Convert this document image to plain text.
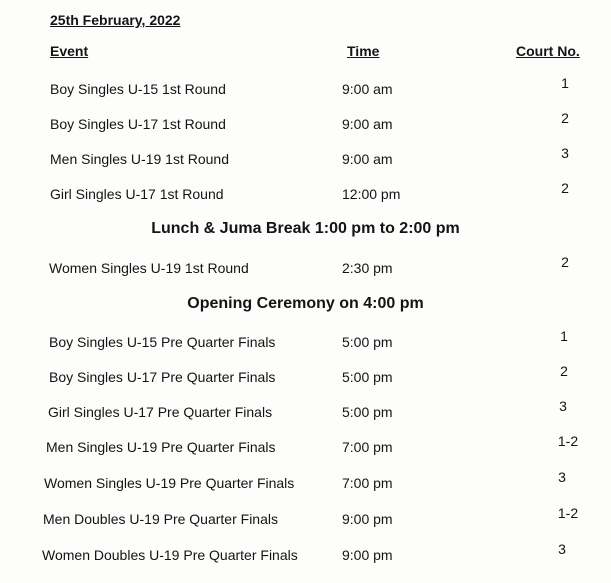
25th February, 2022
Event	Time	Court No.
Boy Singles U-15 1st Round	9:00 am	1
Boy Singles U-17 1st Round	9:00 am	2
Men Singles U-19 1st Round	9:00 am	3
Girl Singles U-17 1st Round	12:00 pm	2
Lunch & Juma Break 1:00 pm to 2:00 pm
Women Singles U-19 1st Round	2:30 pm	2
Opening Ceremony on 4:00 pm
Boy Singles U-15 Pre Quarter Finals	5:00 pm	1
Boy Singles U-17 Pre Quarter Finals	5:00 pm	2
Girl Singles U-17 Pre Quarter Finals	5:00 pm	3
Men Singles U-19 Pre Quarter Finals	7:00 pm	1-2
Women Singles U-19 Pre Quarter Finals	7:00 pm	3
Men Doubles U-19 Pre Quarter Finals	9:00 pm	1-2
Women Doubles U-19 Pre Quarter Finals	9:00 pm	3
